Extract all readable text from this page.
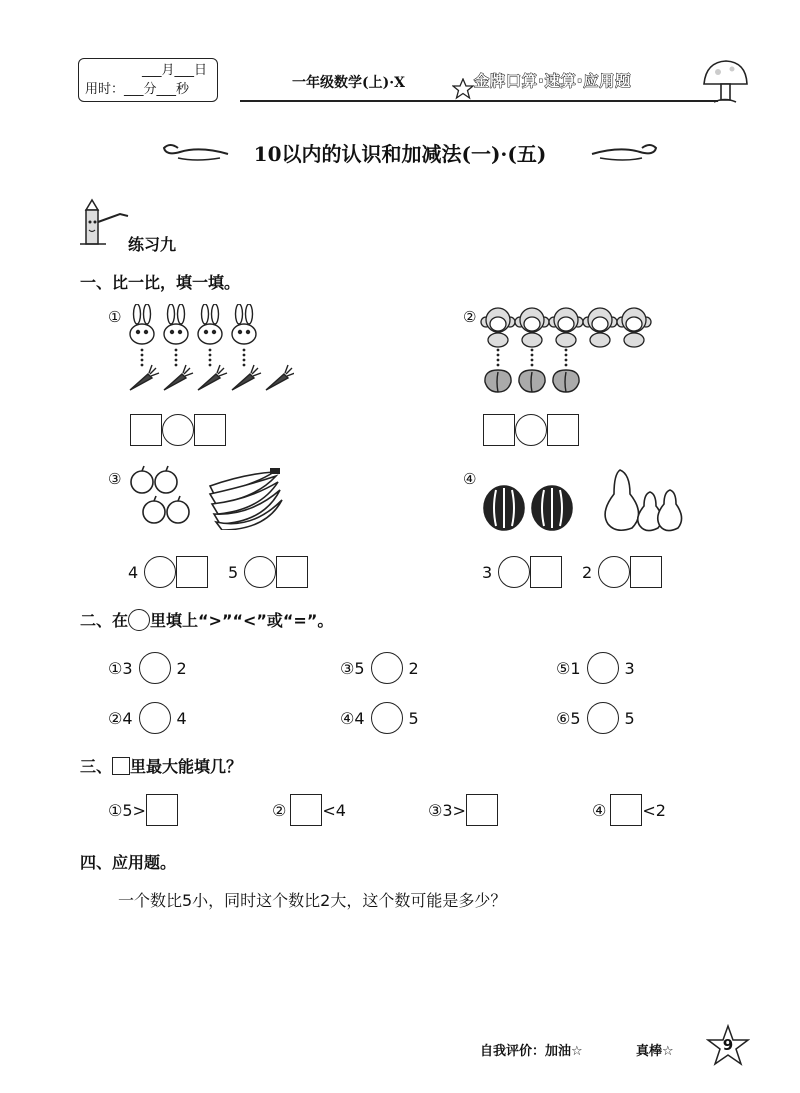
___月___日
用时：___分___秒	一年级数学(上)·X	金牌口算·速算·应用题
10以内的认识和加减法(一)·(五)
练习九
一、比一比，填一填。
①	②
③
4	5
④
3	2
二、在 里填上“>”“<”或“=”。
① 3	2	③ 5	2	⑤ 1	3
② 4	4	④ 4	5	⑥ 5	5
三、 里最大能填几？
① 5>	② <4	③ 3>	④ <2
四、应用题。
一个数比5小，同时这个数比2大，这个数可能是多少？
自我评价：加油☆	真棒☆	9
